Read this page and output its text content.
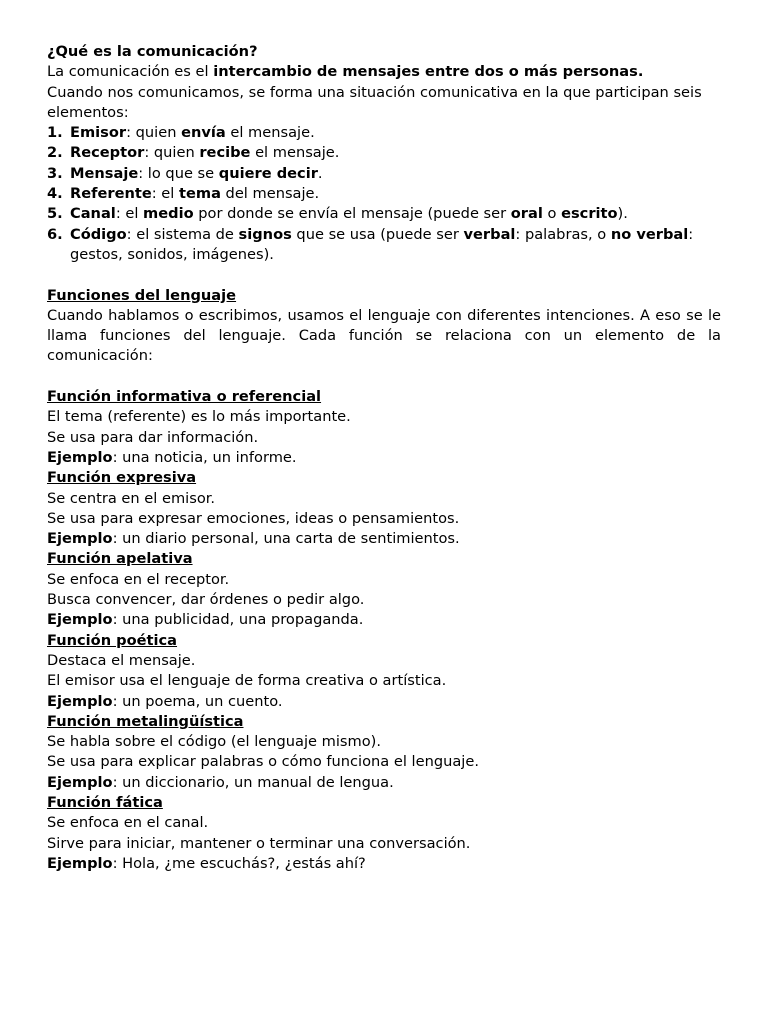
¿Qué es la comunicación?

La comunicación es el intercambio de mensajes entre dos o más personas.

Cuando nos comunicamos, se forma una situación comunicativa en la que participan seis elementos:

1. Emisor: quien envía el mensaje.
2. Receptor: quien recibe el mensaje.
3. Mensaje: lo que se quiere decir.
4. Referente: el tema del mensaje.
5. Canal: el medio por donde se envía el mensaje (puede ser oral o escrito).
6. Código: el sistema de signos que se usa (puede ser verbal: palabras, o no verbal: gestos, sonidos, imágenes).

Funciones del lenguaje

Cuando hablamos o escribimos, usamos el lenguaje con diferentes intenciones. A eso se le llama funciones del lenguaje. Cada función se relaciona con un elemento de la comunicación:

Función informativa o referencial

El tema (referente) es lo más importante.

Se usa para dar información.

Ejemplo: una noticia, un informe.

Función expresiva

Se centra en el emisor.

Se usa para expresar emociones, ideas o pensamientos.

Ejemplo: un diario personal, una carta de sentimientos.

Función apelativa

Se enfoca en el receptor.

Busca convencer, dar órdenes o pedir algo.

Ejemplo: una publicidad, una propaganda.

Función poética

Destaca el mensaje.

El emisor usa el lenguaje de forma creativa o artística.

Ejemplo: un poema, un cuento.

Función metalingüística

Se habla sobre el código (el lenguaje mismo).

Se usa para explicar palabras o cómo funciona el lenguaje.

Ejemplo: un diccionario, un manual de lengua.

Función fática

Se enfoca en el canal.

Sirve para iniciar, mantener o terminar una conversación.

Ejemplo: Hola, ¿me escuchás?, ¿estás ahí?
